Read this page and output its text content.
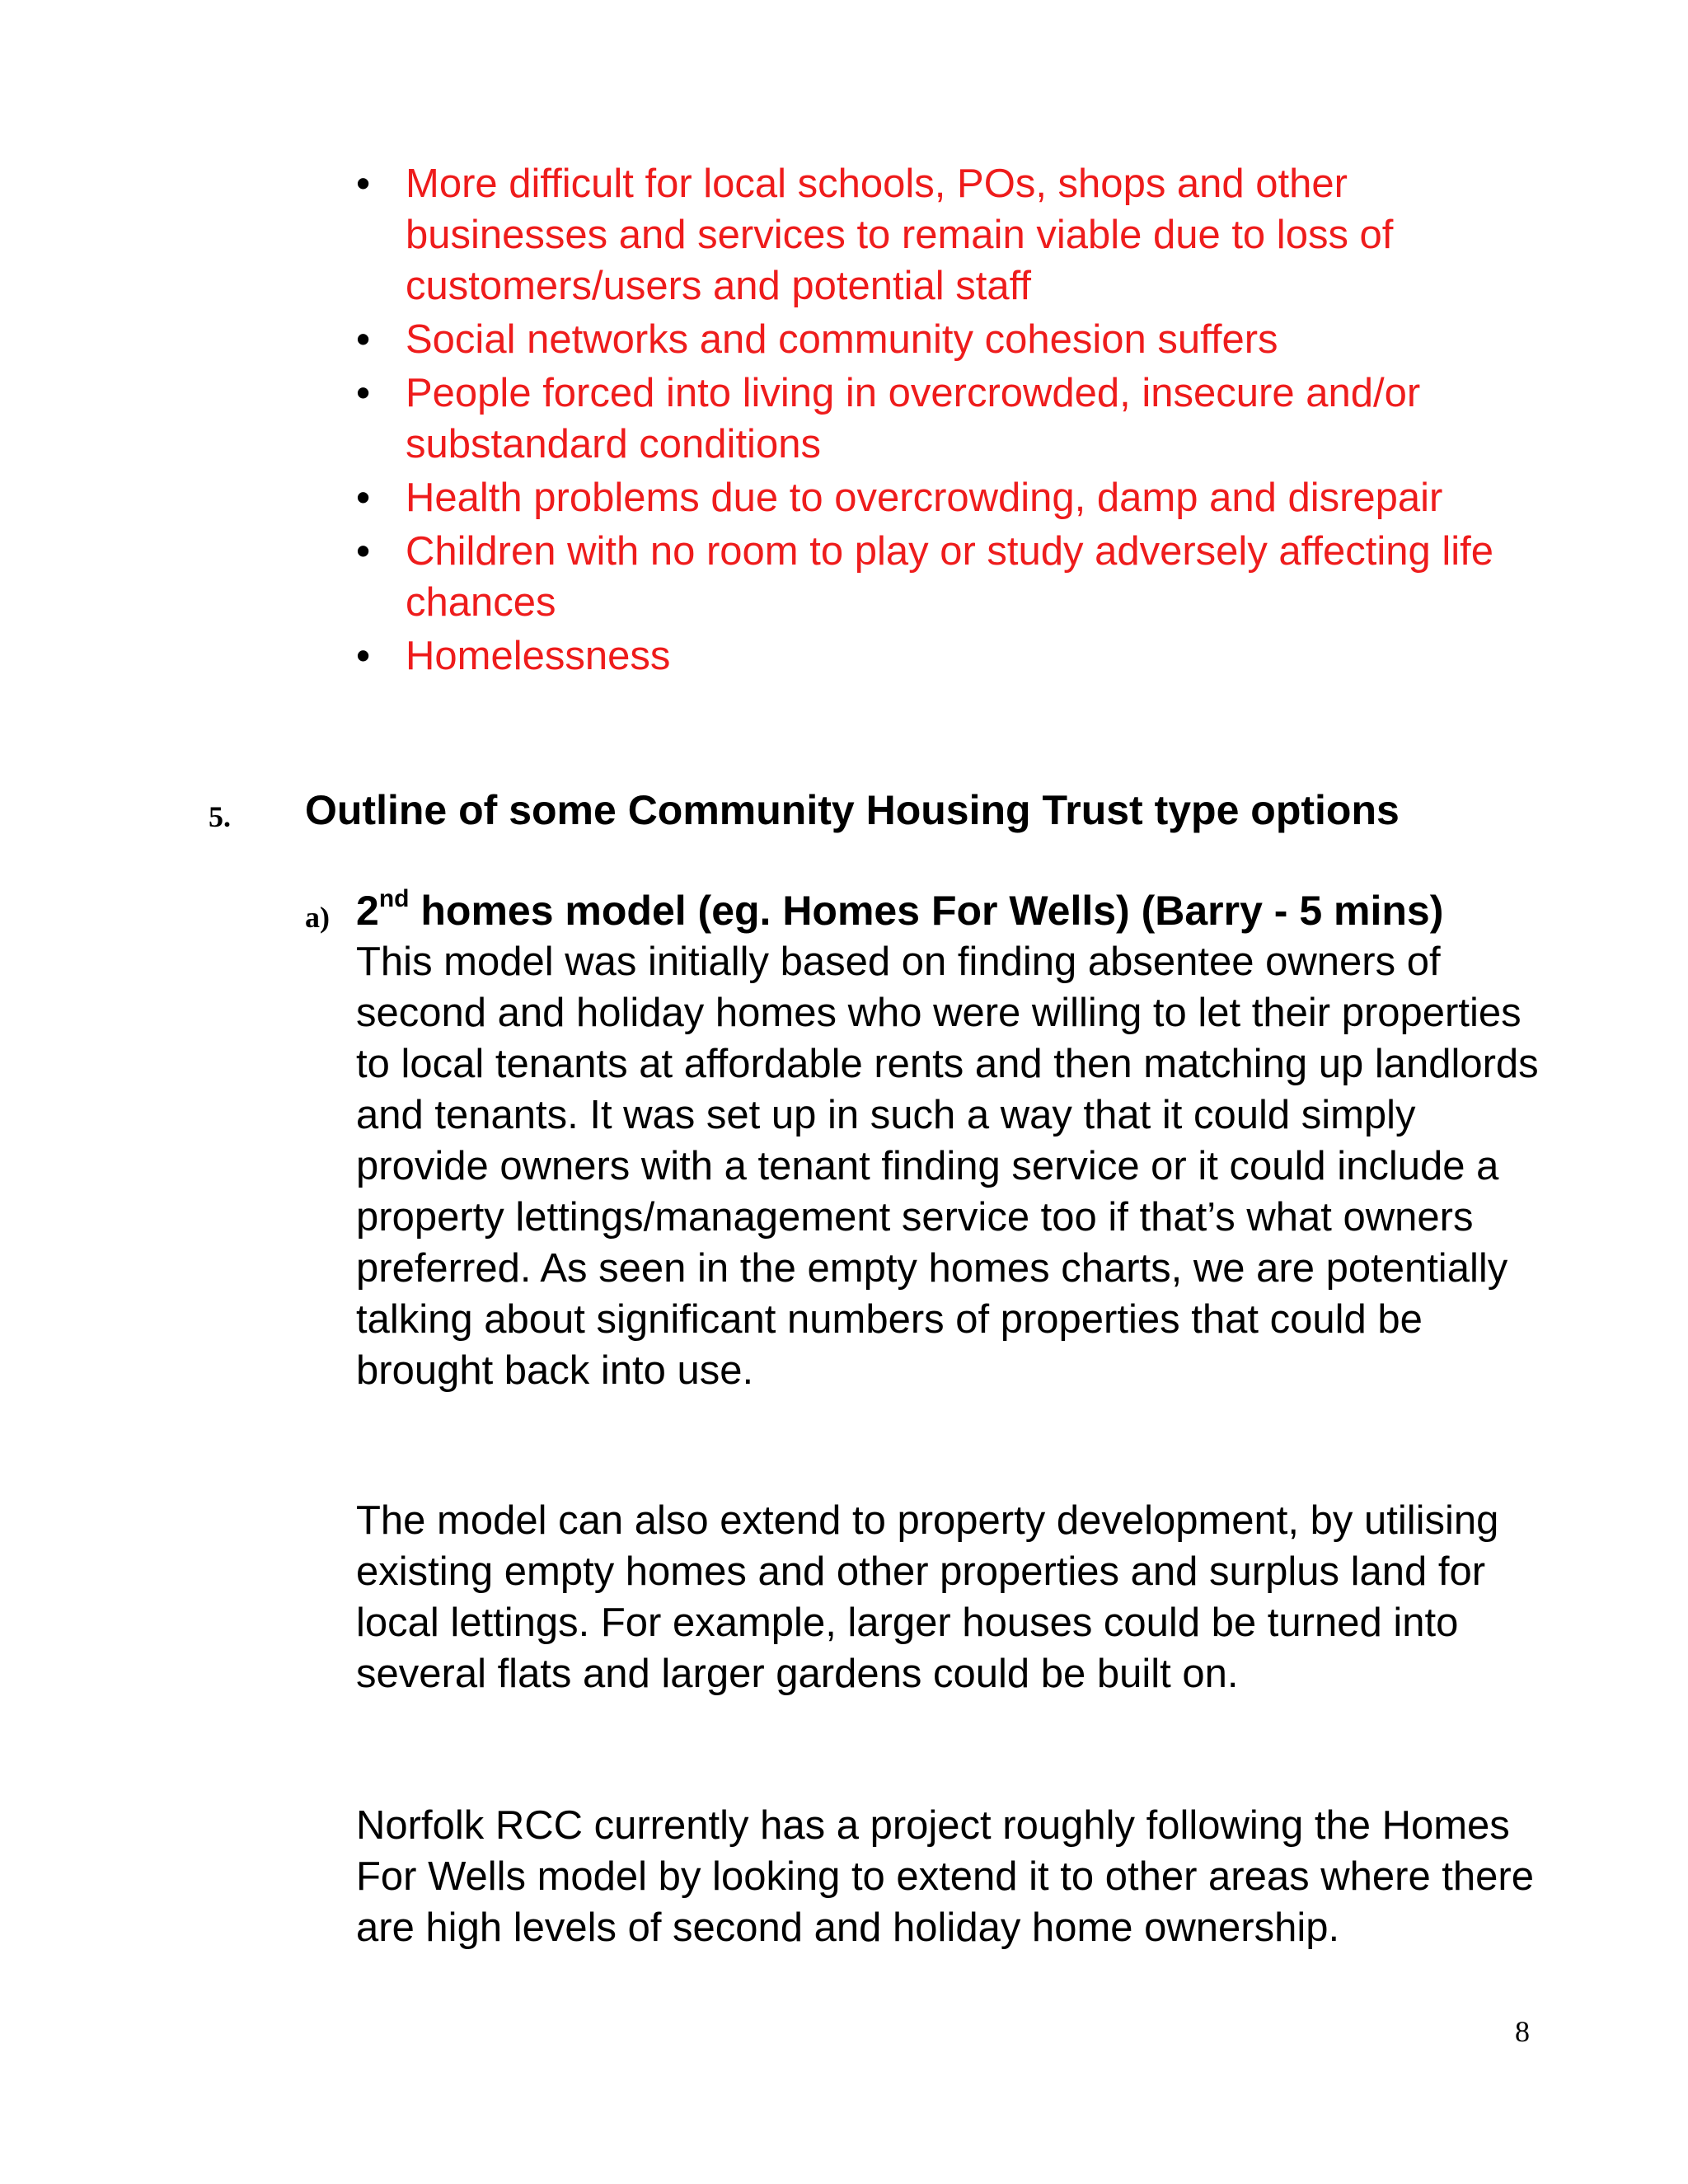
• More difficult for local schools, POs, shops and other businesses and services to remain viable due to loss of customers/users and potential staff
• Social networks and community cohesion suffers
• People forced into living in overcrowded, insecure and/or substandard conditions
• Health problems due to overcrowding, damp and disrepair
• Children with no room to play or study adversely affecting life chances
• Homelessness
5. Outline of some Community Housing Trust type options
a) 2nd homes model (eg. Homes For Wells) (Barry - 5 mins)

This model was initially based on finding absentee owners of second and holiday homes who were willing to let their properties to local tenants at affordable rents and then matching up landlords and tenants. It was set up in such a way that it could simply provide owners with a tenant finding service or it could include a property lettings/management service too if that’s what owners preferred. As seen in the empty homes charts, we are potentially talking about significant numbers of properties that could be brought back into use.

The model can also extend to property development, by utilising existing empty homes and other properties and surplus land for local lettings. For example, larger houses could be turned into several flats and larger gardens could be built on.

Norfolk RCC currently has a project roughly following the Homes For Wells model by looking to extend it to other areas where there are high levels of second and holiday home ownership.

8
